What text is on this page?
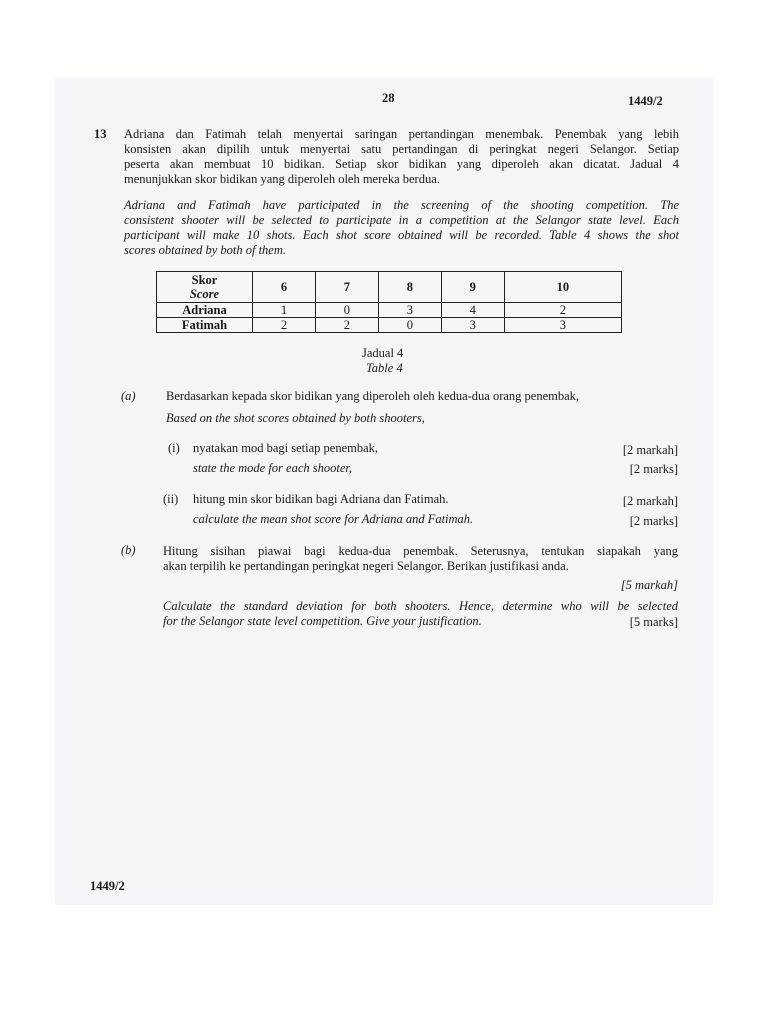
28	1449/2
13 Adriana dan Fatimah telah menyertai saringan pertandingan menembak. Penembak yang lebih
konsisten akan dipilih untuk menyertai satu pertandingan di peringkat negeri Selangor. Setiap
peserta akan membuat 10 bidikan. Setiap skor bidikan yang diperoleh akan dicatat. Jadual 4
menunjukkan skor bidikan yang diperoleh oleh mereka berdua.
Adriana and Fatimah have participated in the screening of the shooting competition. The
consistent shooter will be selected to participate in a competition at the Selangor state level. Each
participant will make 10 shots. Each shot score obtained will be recorded. Table 4 shows the shot
scores obtained by both of them.
Skor
Score	6	7	8	9	10
Adriana	1	0	3	4	2
Fatimah	2	2	0	3	3
Jadual 4
Table 4
(a) Berdasarkan kepada skor bidikan yang diperoleh oleh kedua-dua orang penembak,
Based on the shot scores obtained by both shooters,
(i) nyatakan mod bagi setiap penembak,
state the mode for each shooter,
[2 markah]
[2 marks]
(ii) hitung min skor bidikan bagi Adriana dan Fatimah.
calculate the mean shot score for Adriana and Fatimah.
[2 markah]
[2 marks]
(b) Hitung sisihan piawai bagi kedua-dua penembak. Seterusnya, tentukan siapakah yang
akan terpilih ke pertandingan peringkat negeri Selangor. Berikan justifikasi anda.
[5 markah]
Calculate the standard deviation for both shooters. Hence, determine who will be selected
for the Selangor state level competition. Give your justification.	[5 marks]
1449/2
